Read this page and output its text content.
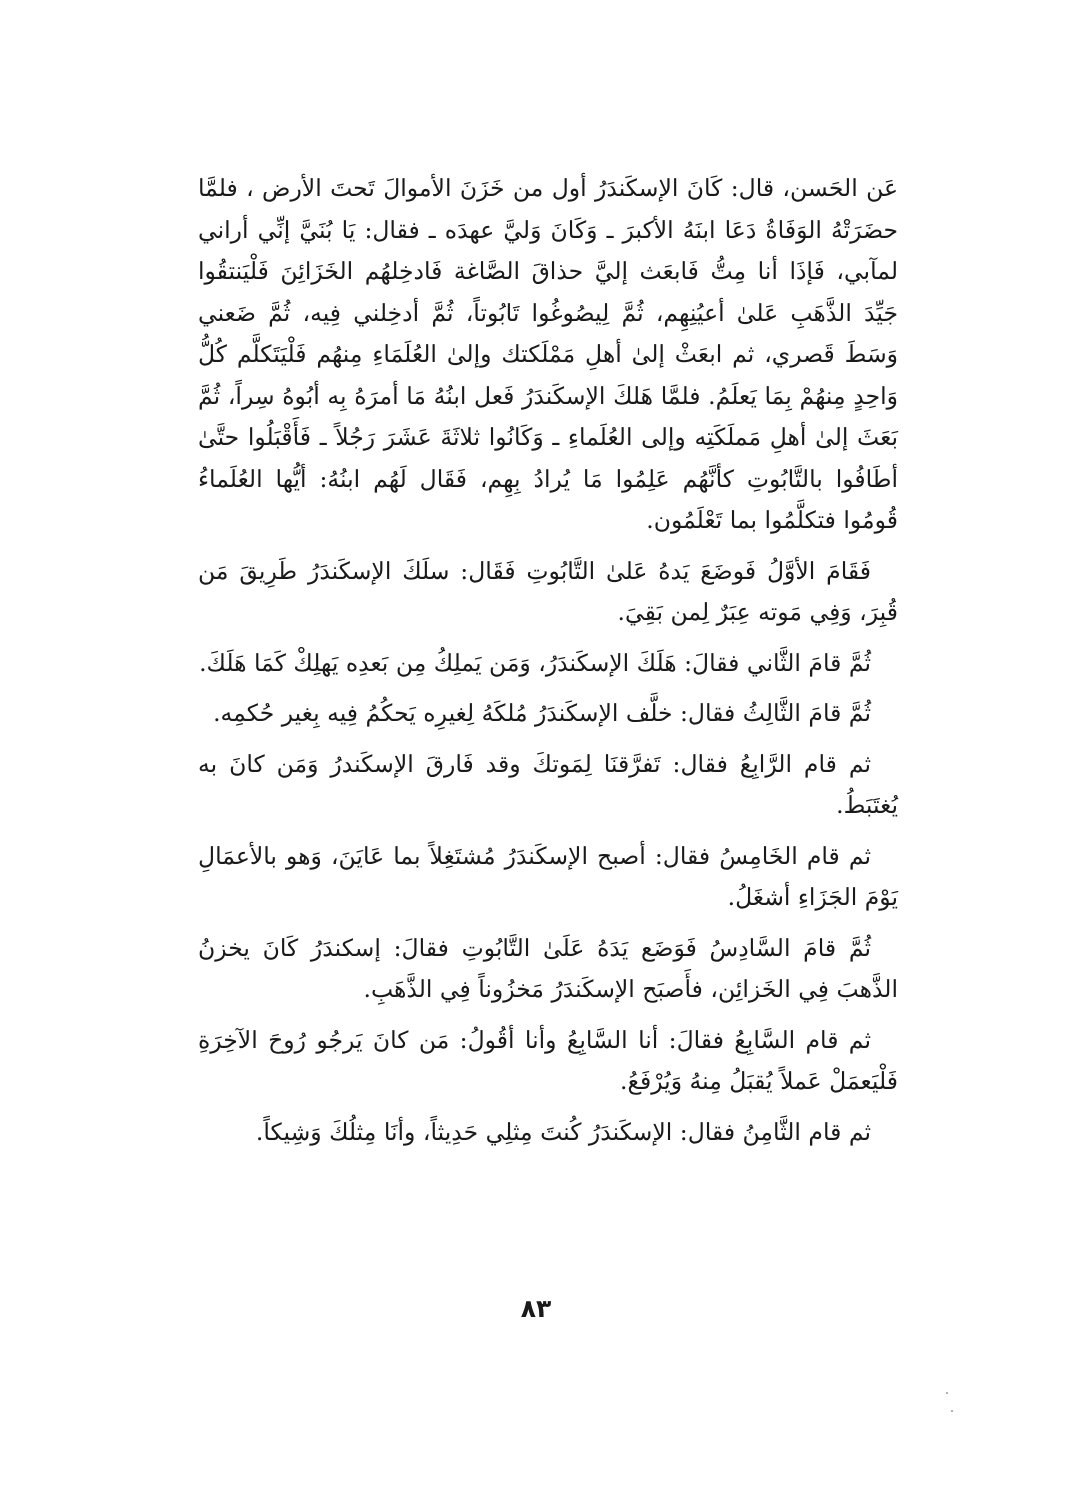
عَن الحَسن، قال: كَانَ الإسكَندَرُ أول من خَزَنَ الأموالَ تَحتَ الأرض ، فلمَّا حضَرَتْهُ الوَفَاةُ دَعَا ابنَهُ الأكبرَ ـ وَكَانَ وَليَّ عهدَه ـ فقال: يَا بُنَيَّ إنِّي أراني لمآبي، فَإذَا أنا مِتُّ فَابعَث إليَّ حذاقَ الصَّاغة فَادخِلهُم الخَزَائِنَ فَلْيَنتقُوا جَيِّدَ الذَّهَبِ عَلىٰ أعيُنِهِم، ثُمَّ لِيصُوغُوا تَابُوتاً، ثُمَّ أدخِلني فِيه، ثُمَّ ضَعني وَسَطَ قَصري، ثم ابعَثْ إلىٰ أهلِ مَمْلَكتك وإلىٰ العُلَمَاءِ مِنهُم فَلْيَتَكلَّم كُلُّ وَاحِدٍ مِنهُمْ بِمَا يَعلَمُ. فلمَّا هَلكَ الإسكَندَرُ فَعل ابنُهُ مَا أمرَهُ بِه أبُوهُ سِراً، ثُمَّ بَعَثَ إلىٰ أهلِ مَملَكَتِه وإلى العُلَماءِ ـ وَكَانُوا ثلاثَةَ عَشَرَ رَجُلاً ـ فَأَقْبَلُوا حتَّىٰ أطَافُوا بالتَّابُوتِ كأنَّهُم عَلِمُوا مَا يُرادُ بِهِم، فَقَال لَهُم ابنُهُ: أيُّها العُلَماءُ قُومُوا فتكلَّمُوا بما تَعْلَمُون.

فَقَامَ الأوَّلُ فَوضَعَ يَدهُ عَلىٰ التَّابُوتِ فَقَال: سلَكَ الإسكَندَرُ طَرِيقَ مَن قُبِرَ، وَفِي مَوته عِبَرٌ لِمن بَقِيَ.

ثُمَّ قامَ الثَّاني فقالَ: هَلَكَ الإسكَندَرُ، وَمَن يَملِكُ مِن بَعدِه يَهلِكْ كَمَا هَلَكَ.

ثُمَّ قامَ الثَّالِثُ فقال: خلَّف الإسكَندَرُ مُلكَهُ لِغيرِه يَحكُمُ فِيه بِغير حُكمِه.

ثم قام الرَّابِعُ فقال: تَفرَّقنَا لِمَوتكَ وقد فَارقَ الإسكَندرُ وَمَن كانَ به يُغتَبَطُ.

ثم قام الخَامِسُ فقال: أصبح الإسكَندَرُ مُشتَغِلاً بما عَايَنَ، وَهو بالأعمَالِ يَوْمَ الجَزَاءِ أشغَلُ.

ثُمَّ قامَ السَّادِسُ فَوَضَع يَدَهُ عَلَىٰ التَّابُوتِ فقالَ: إسكندَرُ كَانَ يخزنُ الذَّهبَ فِي الخَزائِن، فأَصبَح الإسكَندَرُ مَخزُوناً فِي الذَّهَبِ.

ثم قام السَّابِعُ فقالَ: أنا السَّابِعُ وأنا أقُولُ: مَن كانَ يَرجُو رُوحَ الآخِرَةِ فَلْيَعمَلْ عَملاً يُقبَلُ مِنهُ وَيُرْفَعُ.

ثم قام الثَّامِنُ فقال: الإسكَندَرُ كُنتَ مِثلِي حَدِيثاً، وأنَا مِثلُكَ وَشِيكاً.

٨٣
